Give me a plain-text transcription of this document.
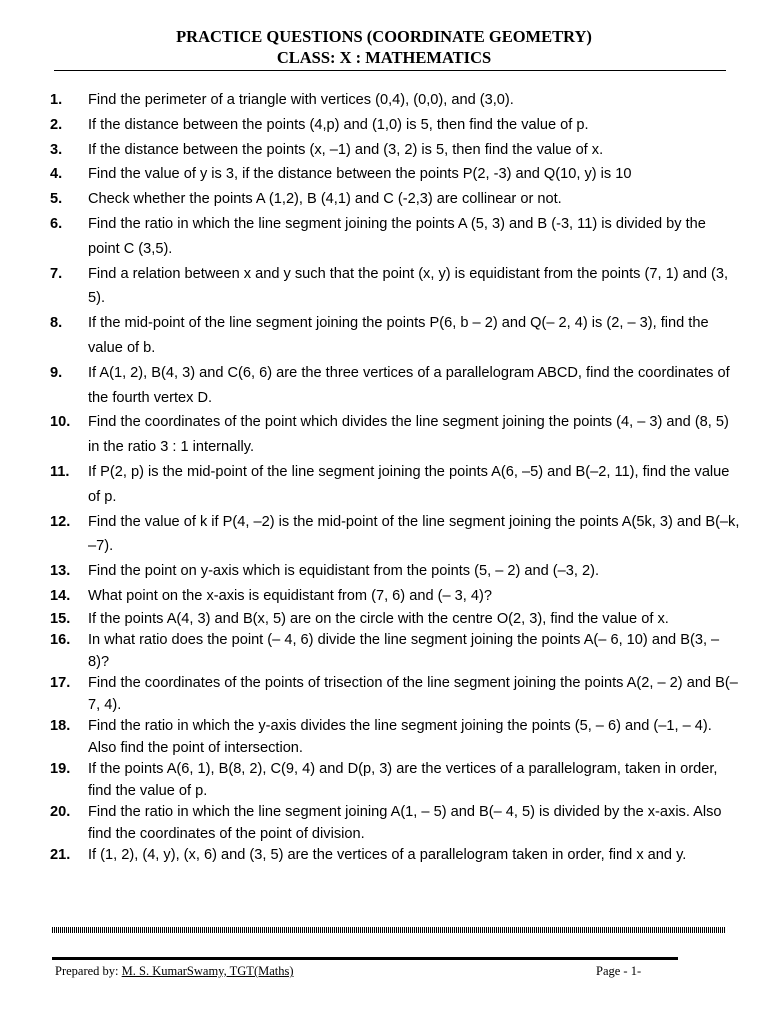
PRACTICE QUESTIONS (COORDINATE GEOMETRY)
CLASS: X : MATHEMATICS
1.	Find the perimeter of a triangle with vertices (0,4), (0,0), and (3,0).
2.	If the distance between the points (4,p) and (1,0) is 5, then find the value of p.
3.	If the distance between the points (x, –1) and (3, 2) is 5, then find the value of x.
4.	Find the value of y is 3, if the distance between the points P(2, -3) and Q(10, y) is 10
5.	Check whether the points A (1,2), B (4,1) and C (-2,3) are collinear or not.
6.	Find the ratio in which the line segment joining the points A (5, 3) and B (-3, 11) is divided by the point C (3,5).
7.	Find a relation between x and y such that the point (x, y) is equidistant from the points (7, 1) and (3, 5).
8.	If the mid-point of the line segment joining the points P(6, b – 2) and Q(– 2, 4) is (2, – 3), find the value of b.
9.	If A(1, 2), B(4, 3) and C(6, 6) are the three vertices of a parallelogram ABCD, find the coordinates of the fourth vertex D.
10.	Find the coordinates of the point which divides the line segment joining the points (4, – 3) and (8, 5) in the ratio 3 : 1 internally.
11.	If P(2, p) is the mid-point of the line segment joining the points A(6, –5) and B(–2, 11), find the value of p.
12.	Find the value of k if P(4, –2) is the mid-point of the line segment joining the points A(5k, 3) and B(–k, –7).
13.	Find the point on y-axis which is equidistant from the points (5, – 2) and (–3, 2).
14.	What point on the x-axis is equidistant from (7, 6) and (– 3, 4)?
15.	If the points A(4, 3) and B(x, 5) are on the circle with the centre O(2, 3), find the value of x.
16.	In what ratio does the point (– 4, 6) divide the line segment joining the points A(– 6, 10) and B(3, – 8)?
17.	Find the coordinates of the points of trisection of the line segment joining the points A(2, – 2) and B(– 7, 4).
18.	Find the ratio in which the y-axis divides the line segment joining the points (5, – 6) and (–1, – 4). Also find the point of intersection.
19.	If the points A(6, 1), B(8, 2), C(9, 4) and D(p, 3) are the vertices of a parallelogram, taken in order, find the value of p.
20.	Find the ratio in which the line segment joining A(1, – 5) and B(– 4, 5) is divided by the x-axis. Also find the coordinates of the point of division.
21.	If (1, 2), (4, y), (x, 6) and (3, 5) are the vertices of a parallelogram taken in order, find x and y.
Prepared by: M. S. KumarSwamy, TGT(Maths)	Page - 1-
